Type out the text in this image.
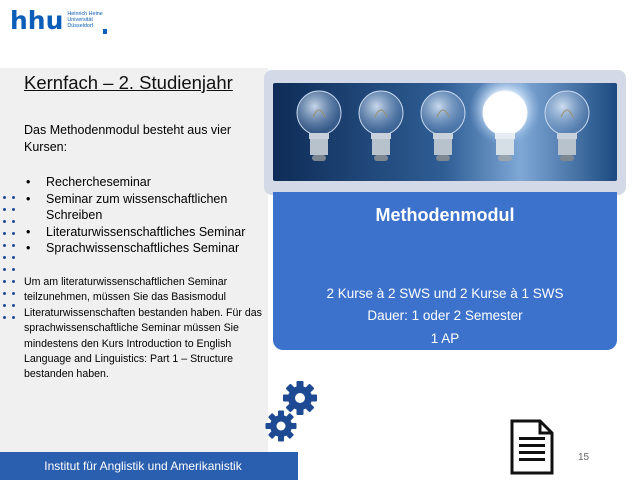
hhu Heinrich Heine
Universität
Düsseldorf
Kernfach – 2. Studienjahr
Das Methodenmodul besteht aus vier Kursen:
• Rechercheseminar
• Seminar zum wissenschaftlichen Schreiben
• Literaturwissenschaftliches Seminar
• Sprachwissenschaftliches Seminar
Um am literaturwissenschaftlichen Seminar teilzunehmen, müssen Sie das Basismodul Literaturwissenschaften bestanden haben. Für das sprachwissenschaftliche Seminar müssen Sie mindestens den Kurs Introduction to English Language and Linguistics: Part 1 – Structure bestanden haben.
Institut für Anglistik und Amerikanistik
Methodenmodul
2 Kurse à 2 SWS und 2 Kurse à 1 SWS
Dauer: 1 oder 2 Semester
1 AP
15
